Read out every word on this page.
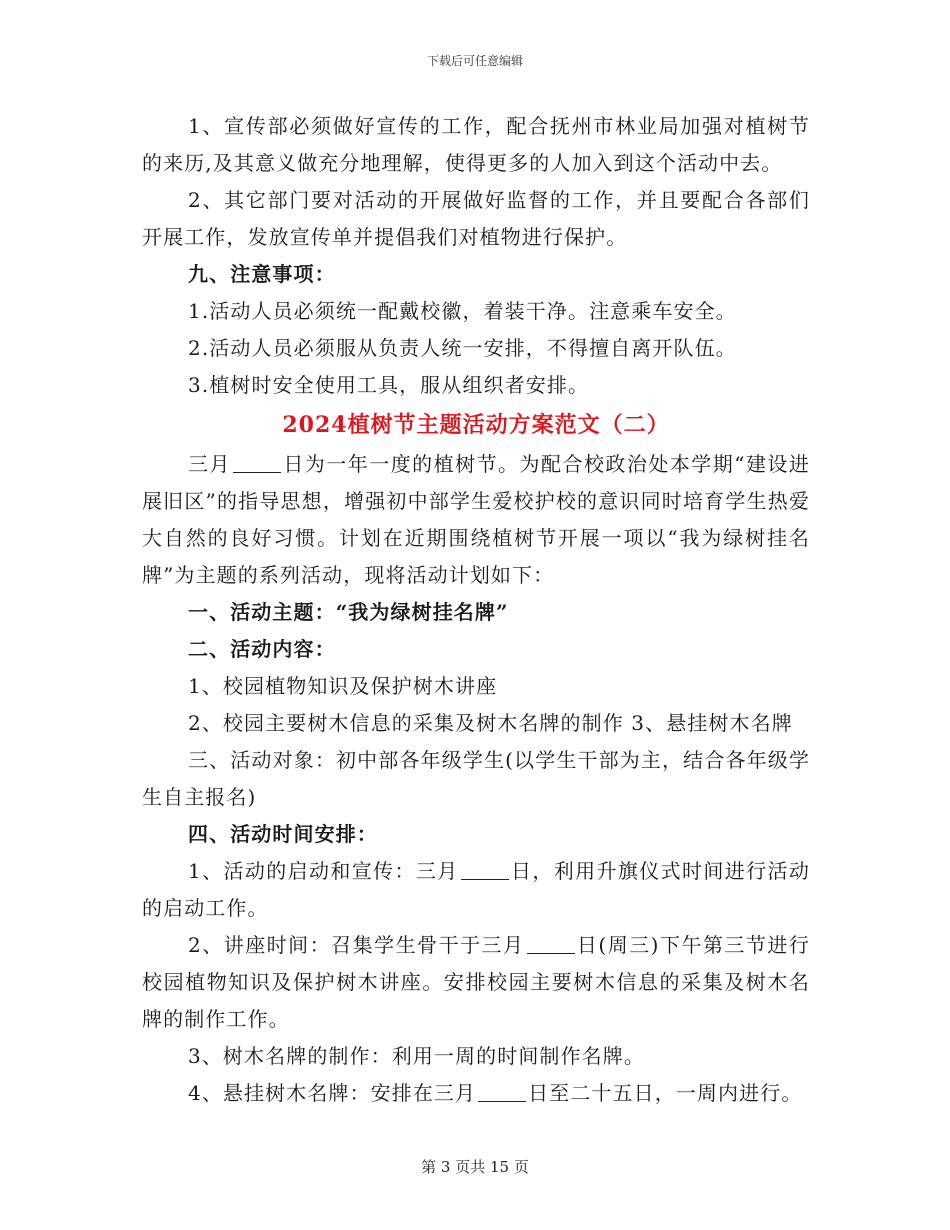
下载后可任意编辑

1、宣传部必须做好宣传的工作，配合抚州市林业局加强对植树节的来历,及其意义做充分地理解，使得更多的人加入到这个活动中去。

2、其它部门要对活动的开展做好监督的工作，并且要配合各部们开展工作，发放宣传单并提倡我们对植物进行保护。

九、注意事项：

1.活动人员必须统一配戴校徽，着装干净。注意乘车安全。

2.活动人员必须服从负责人统一安排，不得擅自离开队伍。

3.植树时安全使用工具，服从组织者安排。

2024植树节主题活动方案范文（二）

三月	日为一年一度的植树节。为配合校政治处本学期“建设进展旧区”的指导思想，增强初中部学生爱校护校的意识同时培育学生热爱大自然的良好习惯。计划在近期围绕植树节开展一项以“我为绿树挂名牌”为主题的系列活动，现将活动计划如下：

一、活动主题：“我为绿树挂名牌”

二、活动内容：

1、校园植物知识及保护树木讲座

2、校园主要树木信息的采集及树木名牌的制作 3、悬挂树木名牌

三、活动对象：初中部各年级学生(以学生干部为主，结合各年级学生自主报名)

四、活动时间安排：

1、活动的启动和宣传：三月	日，利用升旗仪式时间进行活动的启动工作。

2、讲座时间：召集学生骨干于三月	日(周三)下午第三节进行校园植物知识及保护树木讲座。安排校园主要树木信息的采集及树木名牌的制作工作。

3、树木名牌的制作：利用一周的时间制作名牌。

4、悬挂树木名牌：安排在三月	日至二十五日，一周内进行。

第 3 页共 15 页
